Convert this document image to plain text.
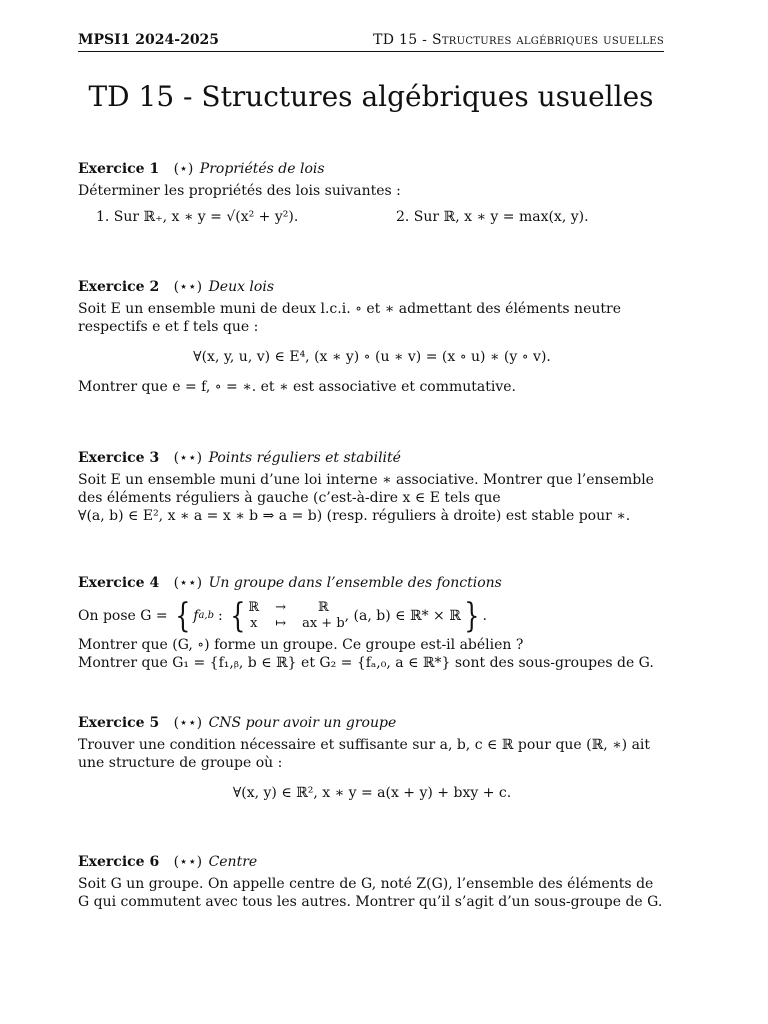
MPSI1 2024-2025	TD 15 - Structures algébriques usuelles
TD 15 - Structures algébriques usuelles
Exercice 1 (⋆) Propriétés de lois

Déterminer les propriétés des lois suivantes :

1. Sur ℝ₊, x ∗ y = √(x² + y²).	2. Sur ℝ, x ∗ y = max(x, y).
Exercice 2 (⋆⋆) Deux lois

Soit E un ensemble muni de deux l.c.i. ∘ et ∗ admettant des éléments neutre respectifs e et f tels que :

∀(x, y, u, v) ∈ E⁴, (x ∗ y) ∘ (u ∗ v) = (x ∘ u) ∗ (y ∘ v).

Montrer que e = f, ∘ = ∗. et ∗ est associative et commutative.

Exercice 3 (⋆⋆) Points réguliers et stabilité

Soit E un ensemble muni d’une loi interne ∗ associative. Montrer que l’ensemble des éléments réguliers à gauche (c’est-à-dire x ∈ E tels que

∀(a, b) ∈ E², x ∗ a = x ∗ b ⇒ a = b) (resp. réguliers à droite) est stable pour ∗.

Exercice 4 (⋆⋆) Un groupe dans l’ensemble des fonctions
On pose G = { f a,b : { ℝ →	ℝ
x ↦ ax + b , (a, b) ∈ ℝ* × ℝ } .

Montrer que (G, ∘) forme un groupe. Ce groupe est-il abélien ?

Montrer que G₁ = {f₁,ᵦ, b ∈ ℝ} et G₂ = {fₐ,₀, a ∈ ℝ*} sont des sous-groupes de G.

Exercice 5 (⋆⋆) CNS pour avoir un groupe

Trouver une condition nécessaire et suffisante sur a, b, c ∈ ℝ pour que (ℝ, ∗) ait une structure de groupe où :

∀(x, y) ∈ ℝ², x ∗ y = a(x + y) + bxy + c.
Exercice 6 (⋆⋆) Centre

Soit G un groupe. On appelle centre de G, noté Z(G), l’ensemble des éléments de G qui commutent avec tous les autres. Montrer qu’il s’agit d’un sous-groupe de G.
